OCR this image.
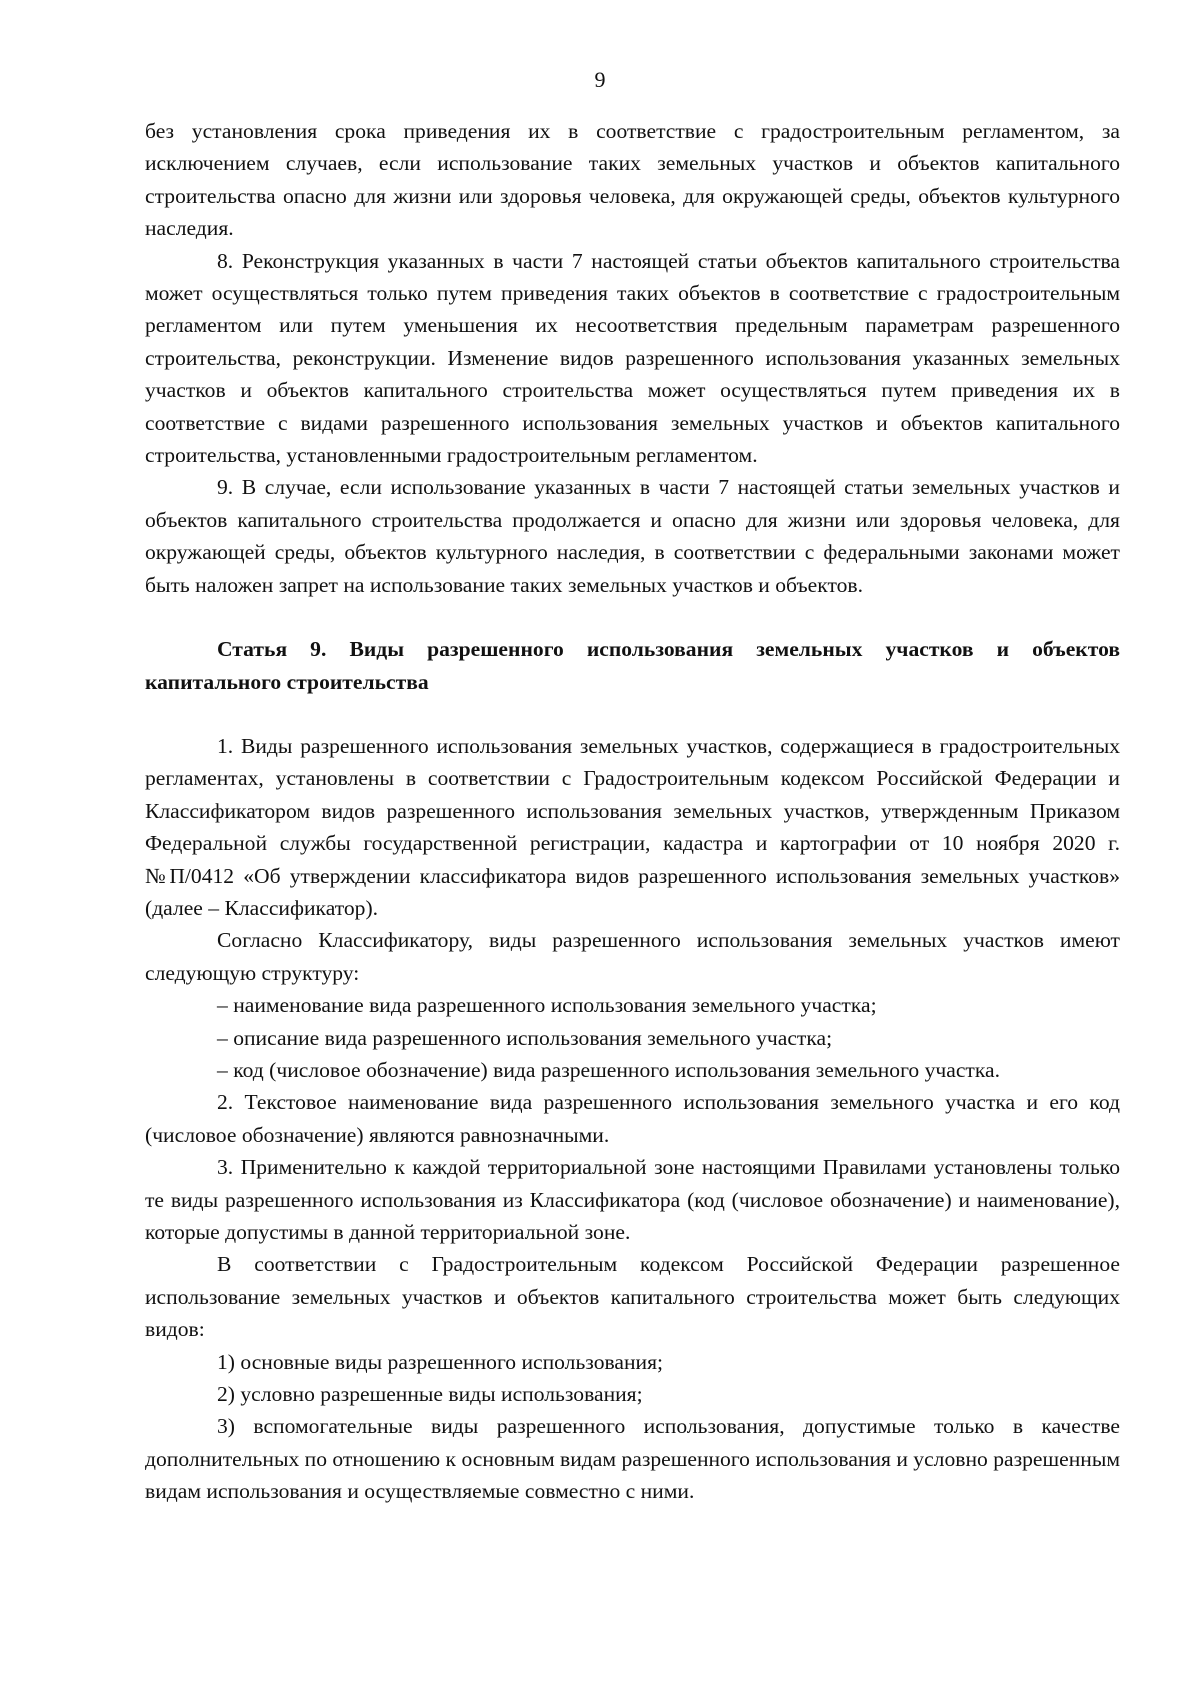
9

без установления срока приведения их в соответствие с градостроительным регламентом, за исключением случаев, если использование таких земельных участков и объектов капитального строительства опасно для жизни или здоровья человека, для окружающей среды, объектов культурного наследия.

8. Реконструкция указанных в части 7 настоящей статьи объектов капитального строительства может осуществляться только путем приведения таких объектов в соответствие с градостроительным регламентом или путем уменьшения их несоответствия предельным параметрам разрешенного строительства, реконструкции. Изменение видов разрешенного использования указанных земельных участков и объектов капитального строительства может осуществляться путем приведения их в соответствие с видами разрешенного использования земельных участков и объектов капитального строительства, установленными градостроительным регламентом.

9. В случае, если использование указанных в части 7 настоящей статьи земельных участков и объектов капитального строительства продолжается и опасно для жизни или здоровья человека, для окружающей среды, объектов культурного наследия, в соответствии с федеральными законами может быть наложен запрет на использование таких земельных участков и объектов.

Статья 9. Виды разрешенного использования земельных участков и объектов капитального строительства

1. Виды разрешенного использования земельных участков, содержащиеся в градостроительных регламентах, установлены в соответствии с Градостроительным кодексом Российской Федерации и Классификатором видов разрешенного использования земельных участков, утвержденным Приказом Федеральной службы государственной регистрации, кадастра и картографии от 10 ноября 2020 г. №П/0412 «Об утверждении классификатора видов разрешенного использования земельных участков» (далее – Классификатор).

Согласно Классификатору, виды разрешенного использования земельных участков имеют следующую структуру:

– наименование вида разрешенного использования земельного участка;

– описание вида разрешенного использования земельного участка;

– код (числовое обозначение) вида разрешенного использования земельного участка.

2. Текстовое наименование вида разрешенного использования земельного участка и его код (числовое обозначение) являются равнозначными.

3. Применительно к каждой территориальной зоне настоящими Правилами установлены только те виды разрешенного использования из Классификатора (код (числовое обозначение) и наименование), которые допустимы в данной территориальной зоне.

В соответствии с Градостроительным кодексом Российской Федерации разрешенное использование земельных участков и объектов капитального строительства может быть следующих видов:

1) основные виды разрешенного использования;

2) условно разрешенные виды использования;

3) вспомогательные виды разрешенного использования, допустимые только в качестве дополнительных по отношению к основным видам разрешенного использования и условно разрешенным видам использования и осуществляемые совместно с ними.
